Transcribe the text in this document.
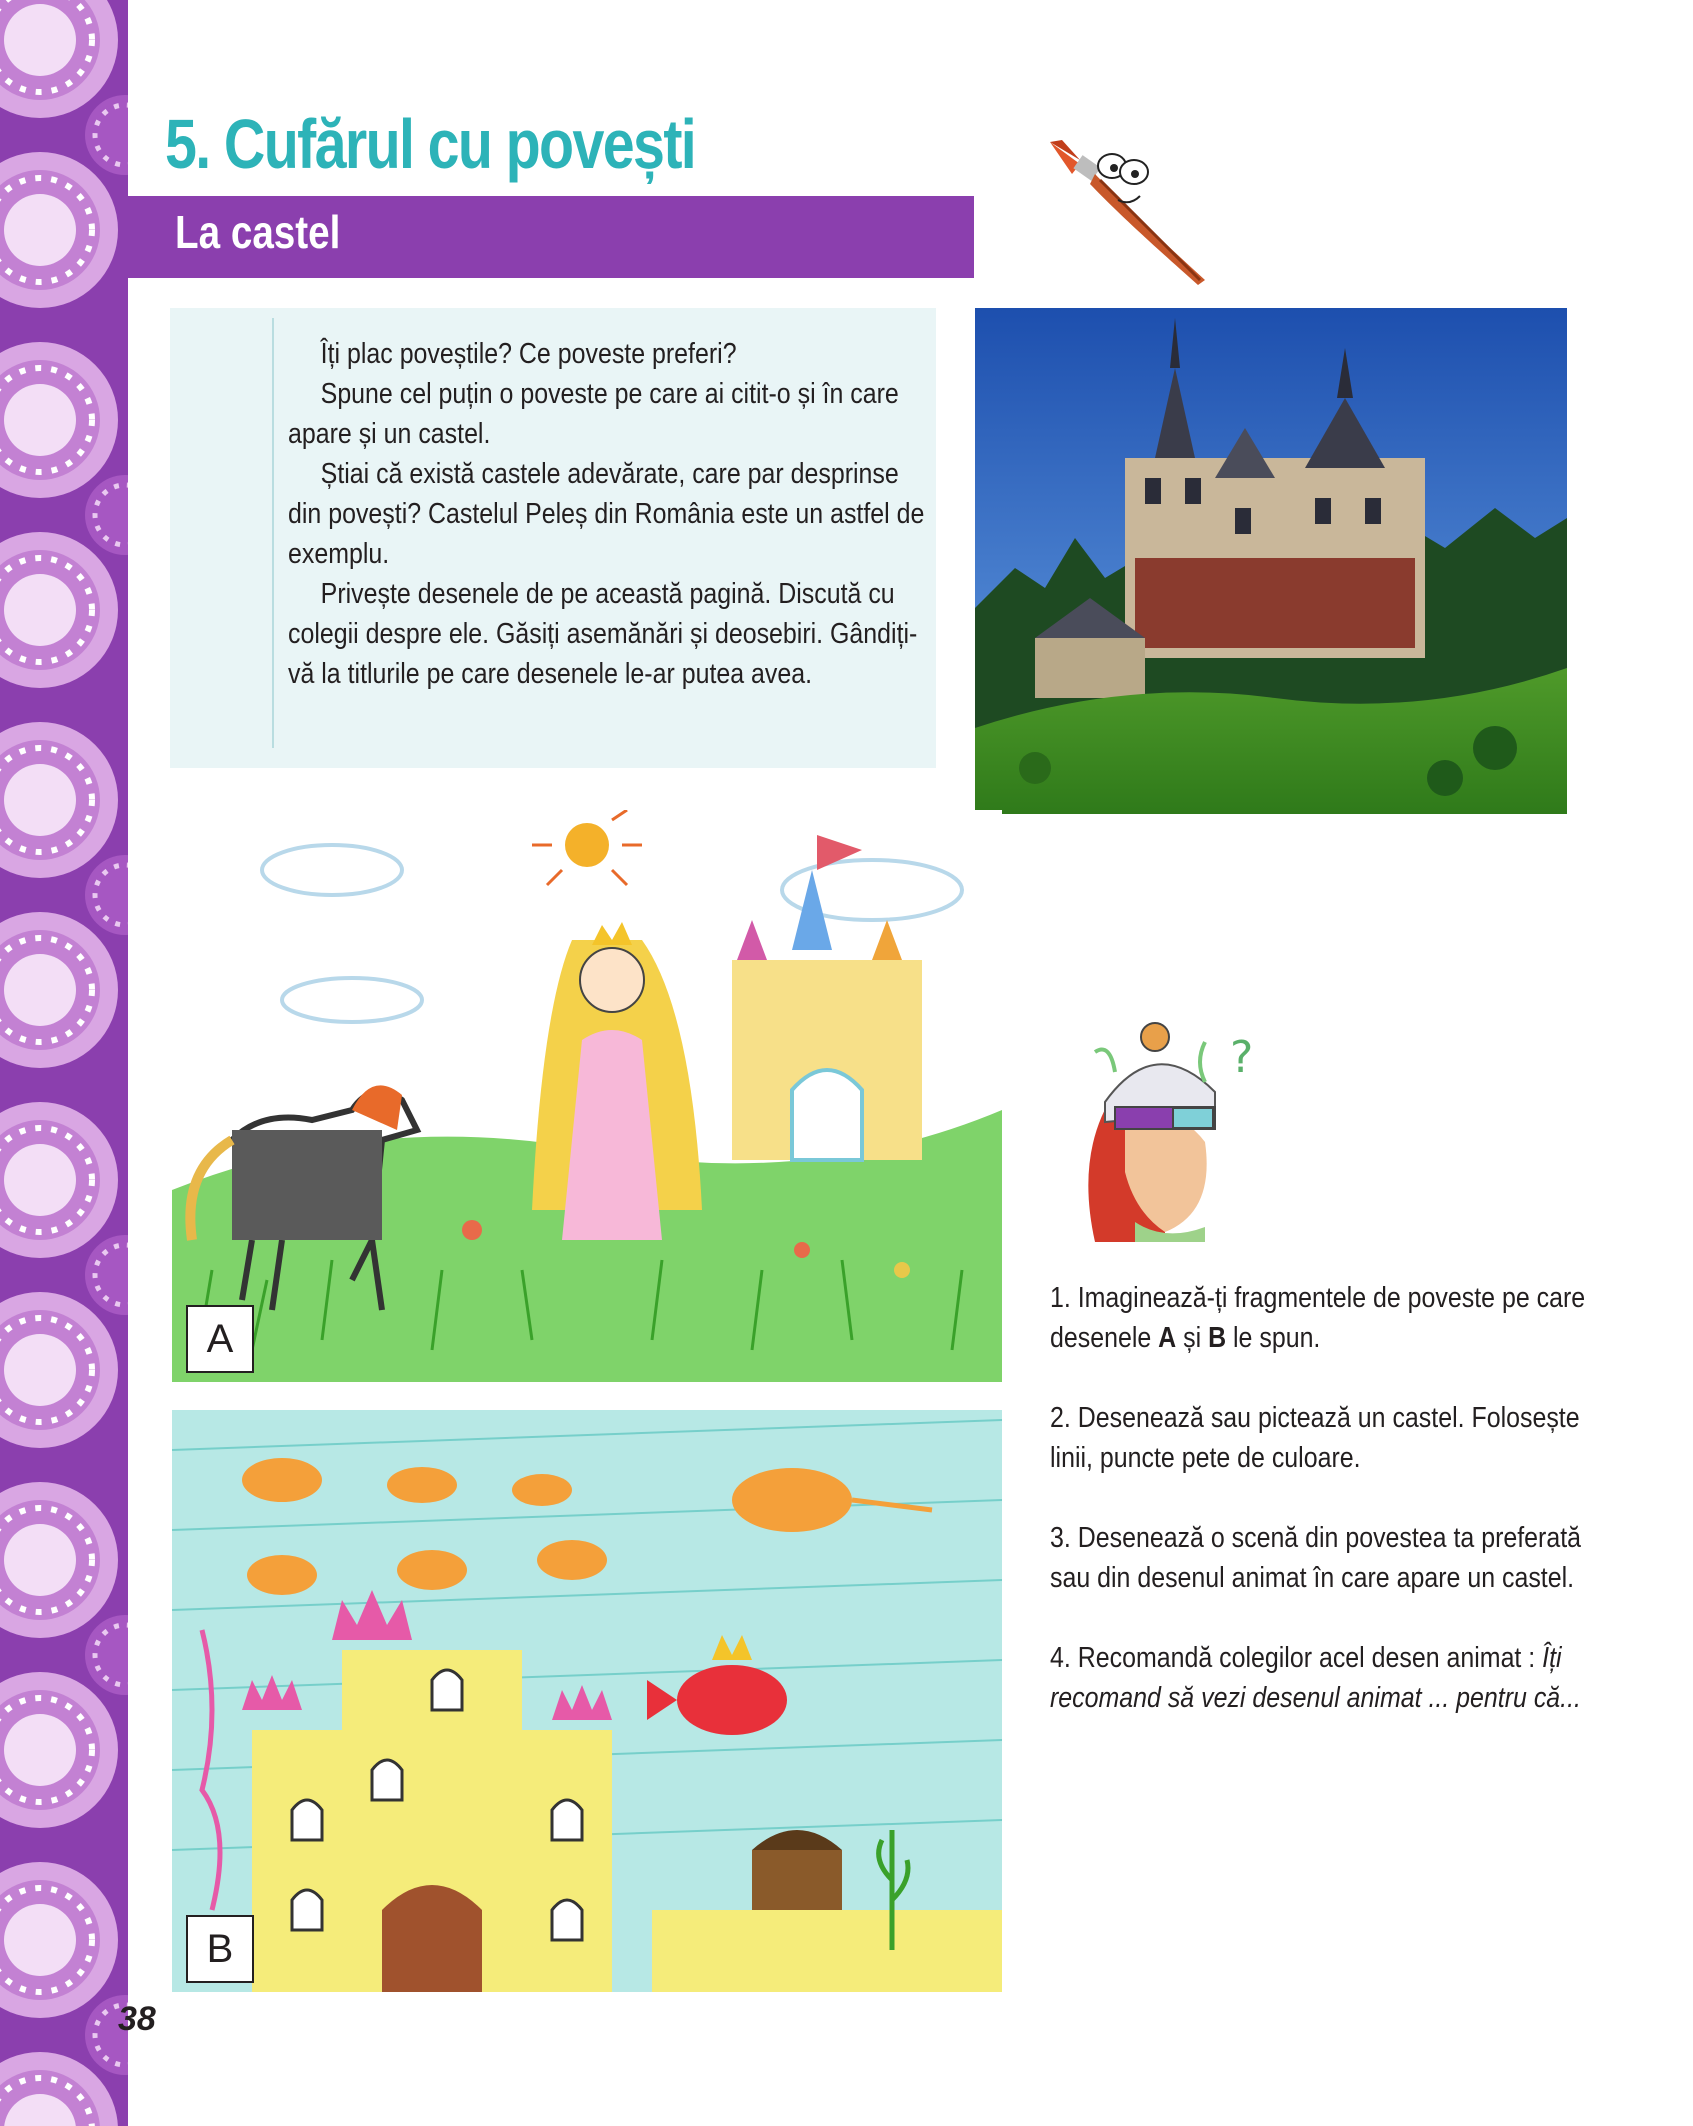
5. Cufărul cu povești
La castel

Îți plac poveștile? Ce poveste preferi?

Spune cel puțin o poveste pe care ai citit-o și în care apare și un castel.

Știai că există castele adevărate, care par desprinse din povești? Castelul Peleș din România este un astfel de exemplu.

Privește desenele de pe această pagină. Discută cu colegii despre ele. Găsiți asemănări și deosebiri. Gândiți-vă la titlurile pe care desenele le-ar putea avea.

A
B
?

1. Imaginează-ți fragmentele de poveste pe care desenele A și B le spun.

2. Desenează sau pictează un castel. Folosește linii, puncte pete de culoare.

3. Desenează o scenă din povestea ta preferată sau din desenul animat în care apare un castel.

4. Recomandă colegilor acel desen animat : Îți recomand să vezi desenul animat ... pentru că...

38
